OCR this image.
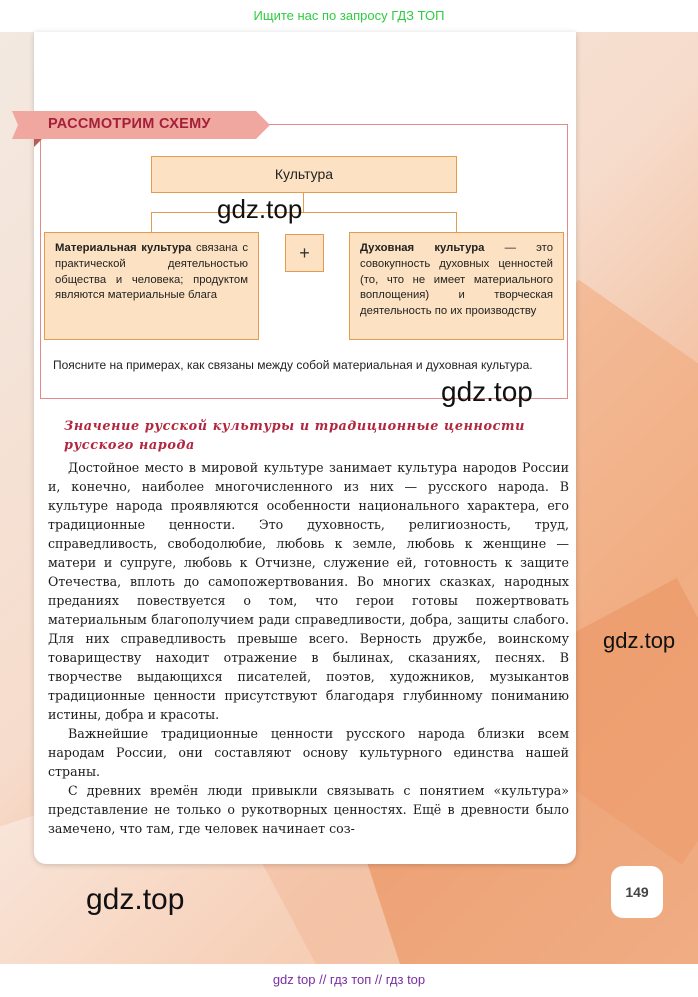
Ищите нас по запросу ГДЗ ТОП
РАССМОТРИМ СХЕМУ
Культура
Материальная культура связана с практической деятельностью общества и человека; продуктом являются материальные блага
+	Духовная культура — это совокупность духовных ценностей (то, что не имеет материального воплощения) и творческая деятельность по их производству
Поясните на примерах, как связаны между собой материальная и духовная культура.
Значение русской культуры и традиционные ценности русского народа

Достойное место в мировой культуре занимает культура народов России и, конечно, наиболее многочисленного из них — русского народа. В культуре народа проявляются особенности национального характера, его традиционные ценности. Это духовность, религиозность, труд, справедливость, свободолюбие, любовь к земле, любовь к женщине — матери и супруге, любовь к Отчизне, служение ей, готовность к защите Отечества, вплоть до самопожертвования. Во многих сказках, народных преданиях повествуется о том, что герои готовы пожертвовать материальным благополучием ради справедливости, добра, защиты слабого. Для них справедливость превыше всего. Верность дружбе, воинскому товариществу находит отражение в былинах, сказаниях, песнях. В творчестве выдающихся писателей, поэтов, художников, музыкантов традиционные ценности присутствуют благодаря глубинному пониманию истины, добра и красоты.

Важнейшие традиционные ценности русского народа близки всем народам России, они составляют основу культурного единства нашей страны.

С древних времён люди привыкли связывать с понятием «культура» представление не только о рукотворных ценностях. Ещё в древности было замечено, что там, где человек начинает соз-

149
gdz.top
gdz.top
gdz.top
gdz.top
gdz top // гдз топ // гдз top
